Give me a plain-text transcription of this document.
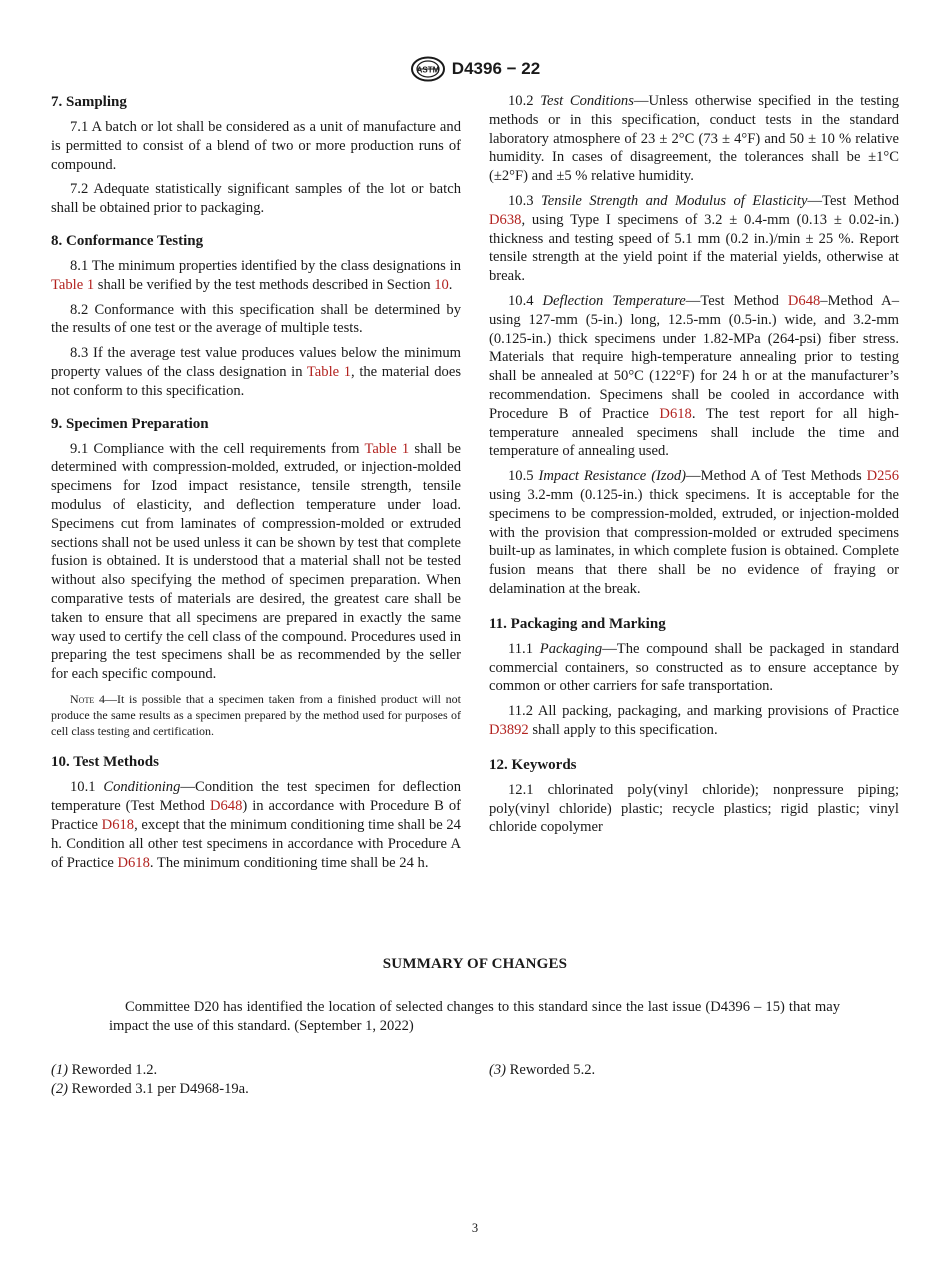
ASTM D4396 − 22
7. Sampling

7.1 A batch or lot shall be considered as a unit of manufacture and is permitted to consist of a blend of two or more production runs of compound.

7.2 Adequate statistically significant samples of the lot or batch shall be obtained prior to packaging.

8. Conformance Testing

8.1 The minimum properties identified by the class designations in Table 1 shall be verified by the test methods described in Section 10.

8.2 Conformance with this specification shall be determined by the results of one test or the average of multiple tests.

8.3 If the average test value produces values below the minimum property values of the class designation in Table 1, the material does not conform to this specification.

9. Specimen Preparation

9.1 Compliance with the cell requirements from Table 1 shall be determined with compression-molded, extruded, or injection-molded specimens for Izod impact resistance, tensile strength, tensile modulus of elasticity, and deflection temperature under load. Specimens cut from laminates of compression-molded or extruded sections shall not be used unless it can be shown by test that complete fusion is obtained. It is understood that a material shall not be tested without also specifying the method of specimen preparation. When comparative tests of materials are desired, the greatest care shall be taken to ensure that all specimens are prepared in exactly the same way used to certify the cell class of the compound. Procedures used in preparing the test specimens shall be as recommended by the seller for each specific compound.

Note 4—It is possible that a specimen taken from a finished product will not produce the same results as a specimen prepared by the method used for purposes of cell class testing and certification.
10. Test Methods

10.1 Conditioning—Condition the test specimen for deflection temperature (Test Method D648) in accordance with Procedure B of Practice D618, except that the minimum conditioning time shall be 24 h. Condition all other test specimens in accordance with Procedure A of Practice D618. The minimum conditioning time shall be 24 h.

10.2 Test Conditions—Unless otherwise specified in the testing methods or in this specification, conduct tests in the standard laboratory atmosphere of 23 ± 2°C (73 ± 4°F) and 50 ± 10 % relative humidity. In cases of disagreement, the tolerances shall be ±1°C (±2°F) and ±5 % relative humidity.

10.3 Tensile Strength and Modulus of Elasticity—Test Method D638, using Type I specimens of 3.2 ± 0.4-mm (0.13 ± 0.02-in.) thickness and testing speed of 5.1 mm (0.2 in.)/min ± 25 %. Report tensile strength at the yield point if the material yields, otherwise at break.

10.4 Deflection Temperature—Test Method D648–Method A– using 127-mm (5-in.) long, 12.5-mm (0.5-in.) wide, and 3.2-mm (0.125-in.) thick specimens under 1.82-MPa (264-psi) fiber stress. Materials that require high-temperature annealing prior to testing shall be annealed at 50°C (122°F) for 24 h or at the manufacturer’s recommendation. Specimens shall be cooled in accordance with Procedure B of Practice D618. The test report for all high-temperature annealed specimens shall include the time and temperature of annealing used.

10.5 Impact Resistance (Izod)—Method A of Test Methods D256 using 3.2-mm (0.125-in.) thick specimens. It is acceptable for the specimens to be compression-molded, extruded, or injection-molded with the provision that compression-molded or extruded specimens built-up as laminates, in which complete fusion is obtained. Complete fusion means that there shall be no evidence of fraying or delamination at the break.

11. Packaging and Marking

11.1 Packaging—The compound shall be packaged in standard commercial containers, so constructed as to ensure acceptance by common or other carriers for safe transportation.

11.2 All packing, packaging, and marking provisions of Practice D3892 shall apply to this specification.

12. Keywords

12.1 chlorinated poly(vinyl chloride); nonpressure piping; poly(vinyl chloride) plastic; recycle plastics; rigid plastic; vinyl chloride copolymer

SUMMARY OF CHANGES
Committee D20 has identified the location of selected changes to this standard since the last issue (D4396 – 15) that may impact the use of this standard. (September 1, 2022)

(1) Reworded 1.2.

(2) Reworded 3.1 per D4968-19a.

(3) Reworded 5.2.

3
